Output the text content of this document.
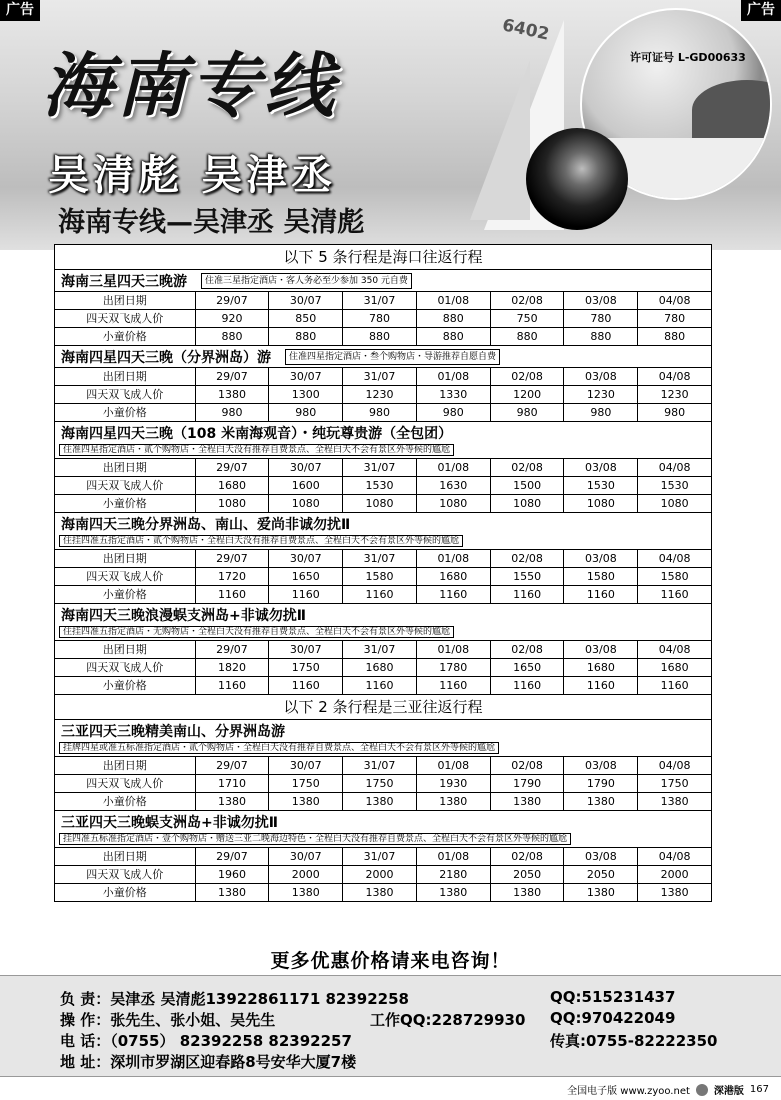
6402
许可证号 L-GD00633
海南专线
吴清彪 吴津丞
海南专线—吴津丞 吴清彪
广告	广告
以下 5 条行程是海口往返行程
海南三星四天三晚游	住准三星指定酒店・客人务必至少参加 350 元自费
出团日期	29/07	30/07	31/07	01/08	02/08	03/08	04/08
四天双飞成人价	920	850	780	880	750	780	780
小童价格	880	880	880	880	880	880	880
海南四星四天三晚（分界洲岛）游	住准四星指定酒店・叁个购物店・导游推荐自愿自费
出团日期	29/07	30/07	31/07	01/08	02/08	03/08	04/08
四天双飞成人价	1380	1300	1230	1330	1200	1230	1230
小童价格	980	980	980	980	980	980	980
海南四星四天三晚（108 米南海观音）・纯玩尊贵游（全包团）
住准四星指定酒店・贰个购物店・全程白天没有推荐自费景点、全程白天不会有景区外等候的尴尬
出团日期	29/07	30/07	31/07	01/08	02/08	03/08	04/08
四天双飞成人价	1680	1600	1530	1630	1500	1530	1530
小童价格	1080	1080	1080	1080	1080	1080	1080
海南四天三晚分界洲岛、南山、爱尚非诚勿扰Ⅱ
住挂四准五指定酒店・贰个购物店・全程白天没有推荐自费景点、全程白天不会有景区外等候的尴尬
出团日期	29/07	30/07	31/07	01/08	02/08	03/08	04/08
四天双飞成人价	1720	1650	1580	1680	1550	1580	1580
小童价格	1160	1160	1160	1160	1160	1160	1160
海南四天三晚浪漫蜈支洲岛+非诚勿扰Ⅱ
住挂四准五指定酒店・无购物店・全程白天没有推荐自费景点、全程白天不会有景区外等候的尴尬
出团日期	29/07	30/07	31/07	01/08	02/08	03/08	04/08
四天双飞成人价	1820	1750	1680	1780	1650	1680	1680
小童价格	1160	1160	1160	1160	1160	1160	1160
以下 2 条行程是三亚往返行程
三亚四天三晚精美南山、分界洲岛游
挂牌四星或准五标准指定酒店・贰个购物店・全程白天没有推荐自费景点、全程白天不会有景区外等候的尴尬
出团日期	29/07	30/07	31/07	01/08	02/08	03/08	04/08
四天双飞成人价	1710	1750	1750	1930	1790	1790	1750
小童价格	1380	1380	1380	1380	1380	1380	1380
三亚四天三晚蜈支洲岛+非诚勿扰Ⅱ
挂四准五标准指定酒店・壹个购物店・赠送三亚二晚海边特色・全程白天没有推荐自费景点、全程白天不会有景区外等候的尴尬
出团日期	29/07	30/07	31/07	01/08	02/08	03/08	04/08
四天双飞成人价	1960	2000	2000	2180	2050	2050	2000
小童价格	1380	1380	1380	1380	1380	1380	1380
更多优惠价格请来电咨询！
负 责：吴津丞 吴清彪13922861171 82392258	QQ:515231437
操 作：张先生、张小姐、吴先生	工作QQ:228729930 QQ:970422049
电 话：（0755） 82392258 82392257	传真:0755-82222350
地 址：深圳市罗湖区迎春路8号安华大厦7楼
全国电子版 www.zyoo.net 深港版 167
